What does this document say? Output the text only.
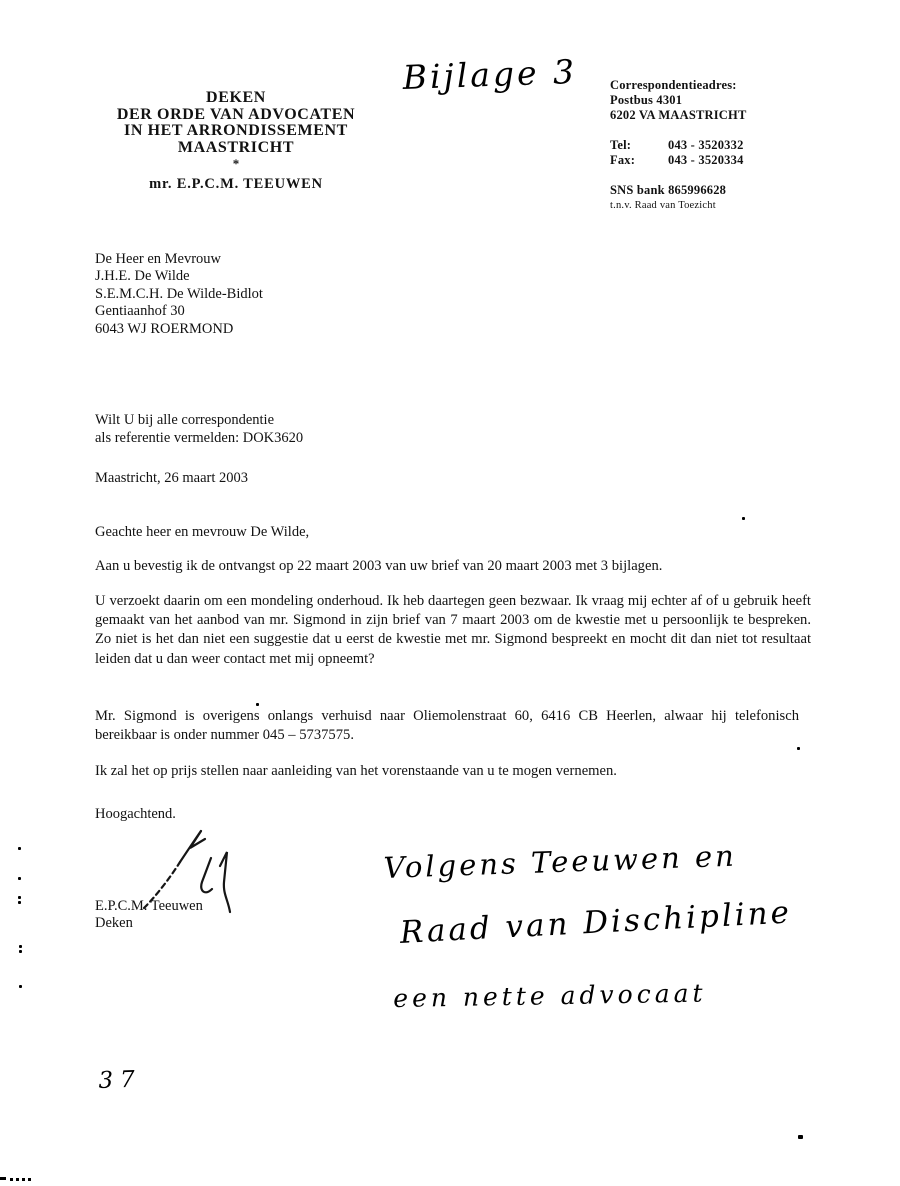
Bijlage 3
DEKEN
DER ORDE VAN ADVOCATEN
IN HET ARRONDISSEMENT
MAASTRICHT
*
mr. E.P.C.M. TEEUWEN
Correspondentieadres:
Postbus 4301
6202 VA MAASTRICHT
Tel:	043 - 3520332
Fax:	043 - 3520334
SNS bank 865996628
t.n.v. Raad van Toezicht
De Heer en Mevrouw
J.H.E. De Wilde
S.E.M.C.H. De Wilde-Bidlot
Gentiaanhof 30
6043 WJ ROERMOND
Wilt U bij alle correspondentie
als referentie vermelden: DOK3620
Maastricht, 26 maart 2003
Geachte heer en mevrouw De Wilde,
Aan u bevestig ik de ontvangst op 22 maart 2003 van uw brief van 20 maart 2003 met 3 bijlagen.
U verzoekt daarin om een mondeling onderhoud. Ik heb daartegen geen bezwaar. Ik vraag mij echter af of u gebruik heeft gemaakt van het aanbod van mr. Sigmond in zijn brief van 7 maart 2003 om de kwestie met u persoonlijk te bespreken. Zo niet is het dan niet een suggestie dat u eerst de kwestie met mr. Sigmond bespreekt en mocht dit dan niet tot resultaat leiden dat u dan weer contact met mij opneemt?
Mr. Sigmond is overigens onlangs verhuisd naar Oliemolenstraat 60, 6416 CB Heerlen, alwaar hij telefonisch bereikbaar is onder nummer 045 – 5737575.
Ik zal het op prijs stellen naar aanleiding van het vorenstaande van u te mogen vernemen.
Hoogachtend.
E.P.C.M. Teeuwen
Deken
Volgens Teeuwen en
Raad van Dischipline
een nette advocaat
37
